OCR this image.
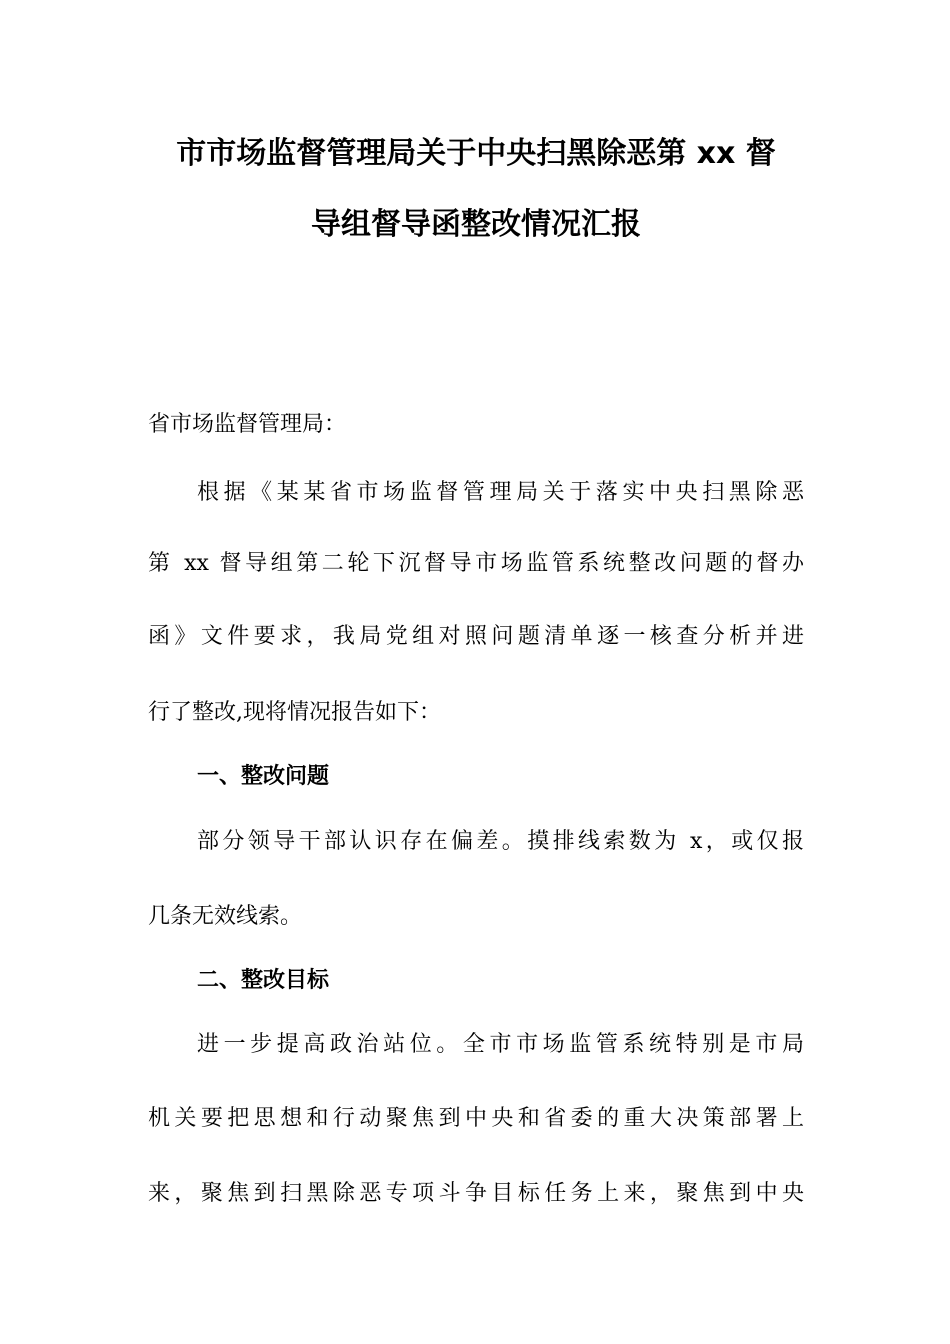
市市场监督管理局关于中央扫黑除恶第 xx 督
导组督导函整改情况汇报
省市场监督管理局：
根据《某某省市场监督管理局关于落实中央扫黑除恶
第 xx 督导组第二轮下沉督导市场监管系统整改问题的督办
函》文件要求，我局党组对照问题清单逐一核查分析并进
行了整改,现将情况报告如下：
一、整改问题
部分领导干部认识存在偏差。摸排线索数为 x，或仅报
几条无效线索。
二、整改目标
进一步提高政治站位。全市市场监管系统特别是市局
机关要把思想和行动聚焦到中央和省委的重大决策部署上
来，聚焦到扫黑除恶专项斗争目标任务上来，聚焦到中央
